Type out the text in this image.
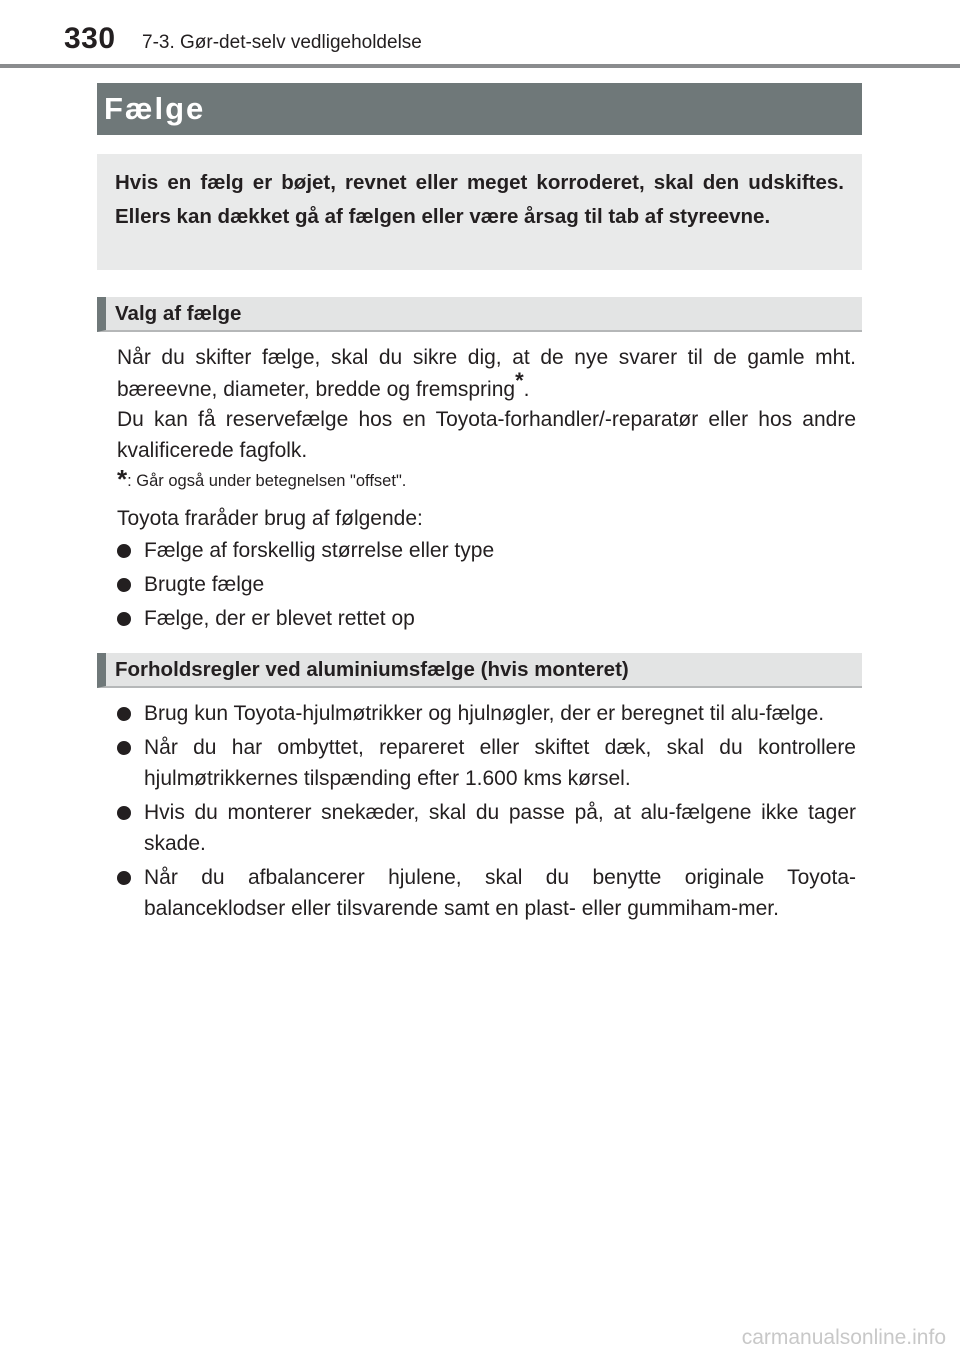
330 7-3. Gør-det-selv vedligeholdelse
Fælge

Hvis en fælg er bøjet, revnet eller meget korroderet, skal den udskiftes. Ellers kan dækket gå af fælgen eller være årsag til tab af styreevne.

Valg af fælge

Når du skifter fælge, skal du sikre dig, at de nye svarer til de gamle mht. bæreevne, diameter, bredde og fremspring*.

Du kan få reservefælge hos en Toyota-forhandler/-reparatør eller hos andre kvalificerede fagfolk.

*: Går også under betegnelsen "offset".

Toyota fraråder brug af følgende:

Fælge af forskellig størrelse eller type
Brugte fælge
Fælge, der er blevet rettet op
Forholdsregler ved aluminiumsfælge (hvis monteret)
Brug kun Toyota-hjulmøtrikker og hjulnøgler, der er beregnet til alu-fælge.
Når du har ombyttet, repareret eller skiftet dæk, skal du kontrollere hjulmøtrikkernes tilspænding efter 1.600 kms kørsel.
Hvis du monterer snekæder, skal du passe på, at alu-fælgene ikke tager skade.
Når du afbalancerer hjulene, skal du benytte originale Toyota-balanceklodser eller tilsvarende samt en plast- eller gummiham-mer.
carmanualsonline.info
